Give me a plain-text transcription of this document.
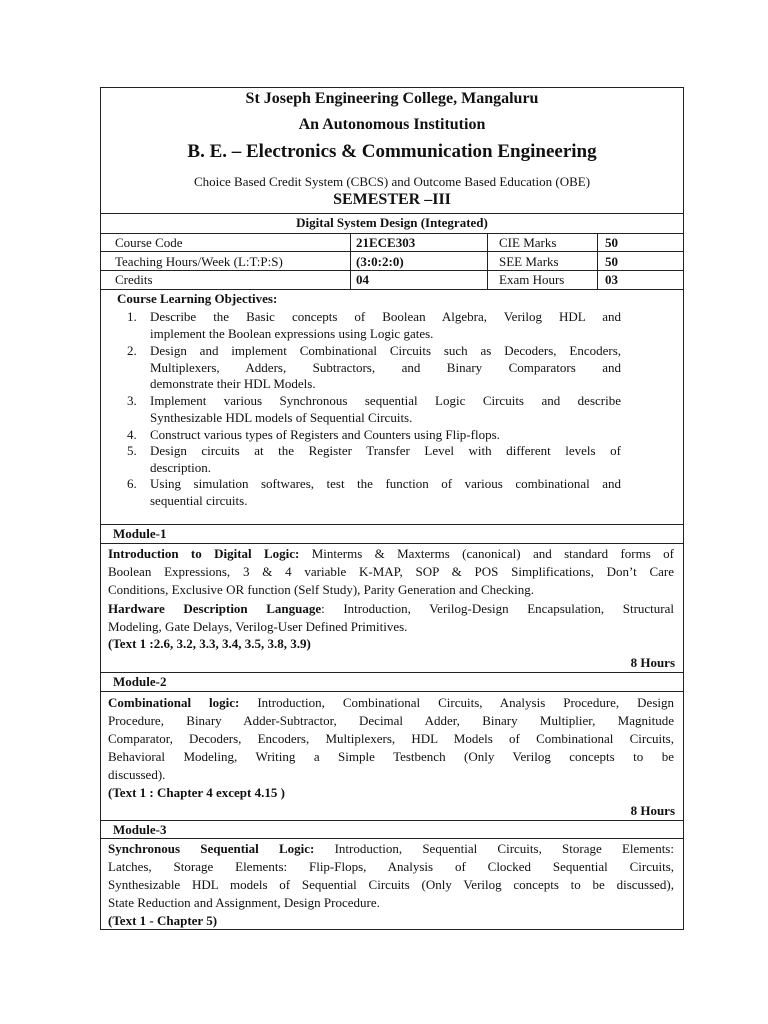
St Joseph Engineering College, Mangaluru
An Autonomous Institution
B. E. – Electronics & Communication Engineering
Choice Based Credit System (CBCS) and Outcome Based Education (OBE)
SEMESTER –III
Digital System Design (Integrated)
Course Code	21ECE303	CIE Marks	50
Teaching Hours/Week (L:T:P:S)	(3:0:2:0)	SEE Marks	50
Credits	04	Exam Hours	03
Course Learning Objectives:
1. Describe the Basic concepts of Boolean Algebra, Verilog HDL and
implement the Boolean expressions using Logic gates.
2. Design and implement Combinational Circuits such as Decoders, Encoders,
Multiplexers, Adders, Subtractors, and Binary Comparators and
demonstrate their HDL Models.
3. Implement various Synchronous sequential Logic Circuits and describe
Synthesizable HDL models of Sequential Circuits.
4. Construct various types of Registers and Counters using Flip-flops.
5. Design circuits at the Register Transfer Level with different levels of
description.
6. Using simulation softwares, test the function of various combinational and
sequential circuits.
Module-1
Introduction to Digital Logic: Minterms & Maxterms (canonical) and standard forms of
Boolean Expressions, 3 & 4 variable K-MAP, SOP & POS Simplifications, Don’t Care
Conditions, Exclusive OR function (Self Study), Parity Generation and Checking.
Hardware Description Language: Introduction, Verilog-Design Encapsulation, Structural
Modeling, Gate Delays, Verilog-User Defined Primitives.
(Text 1 :2.6, 3.2, 3.3, 3.4, 3.5, 3.8, 3.9)
8 Hours
Module-2
Combinational logic: Introduction, Combinational Circuits, Analysis Procedure, Design
Procedure, Binary Adder-Subtractor, Decimal Adder, Binary Multiplier, Magnitude
Comparator, Decoders, Encoders, Multiplexers, HDL Models of Combinational Circuits,
Behavioral Modeling, Writing a Simple Testbench (Only Verilog concepts to be
discussed).
(Text 1 : Chapter 4 except 4.15 )
8 Hours
Module-3
Synchronous Sequential Logic: Introduction, Sequential Circuits, Storage Elements:
Latches, Storage Elements: Flip-Flops, Analysis of Clocked Sequential Circuits,
Synthesizable HDL models of Sequential Circuits (Only Verilog concepts to be discussed),
State Reduction and Assignment, Design Procedure.
(Text 1 - Chapter 5)
